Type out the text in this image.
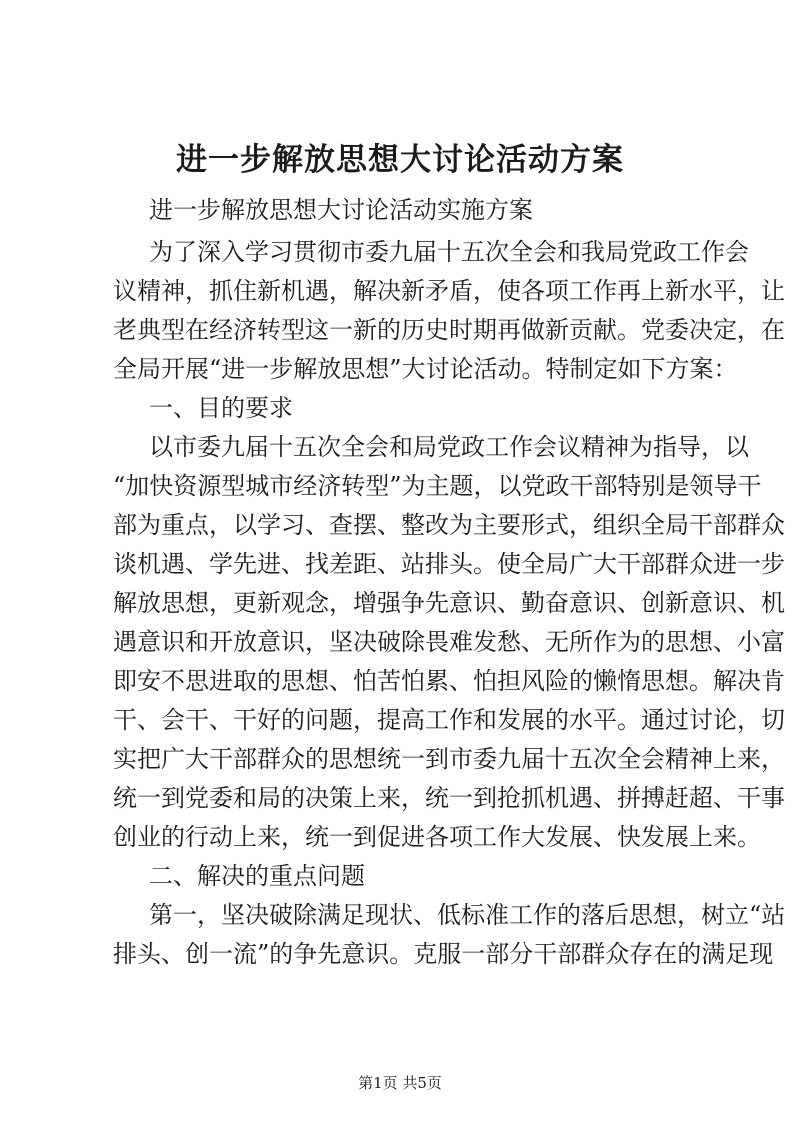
进一步解放思想大讨论活动方案

进一步解放思想大讨论活动实施方案

为了深入学习贯彻市委九届十五次全会和我局党政工作会

议精神，抓住新机遇，解决新矛盾，使各项工作再上新水平，让

老典型在经济转型这一新的历史时期再做新贡献。党委决定，在

全局开展“进一步解放思想”大讨论活动。特制定如下方案：

一、目的要求

以市委九届十五次全会和局党政工作会议精神为指导，以

“加快资源型城市经济转型”为主题，以党政干部特别是领导干

部为重点，以学习、查摆、整改为主要形式，组织全局干部群众

谈机遇、学先进、找差距、站排头。使全局广大干部群众进一步

解放思想，更新观念，增强争先意识、勤奋意识、创新意识、机

遇意识和开放意识，坚决破除畏难发愁、无所作为的思想、小富

即安不思进取的思想、怕苦怕累、怕担风险的懒惰思想。解决肯

干、会干、干好的问题，提高工作和发展的水平。通过讨论，切

实把广大干部群众的思想统一到市委九届十五次全会精神上来，

统一到党委和局的决策上来，统一到抢抓机遇、拼搏赶超、干事

创业的行动上来，统一到促进各项工作大发展、快发展上来。

二、解决的重点问题

第一，坚决破除满足现状、低标准工作的落后思想，树立“站

排头、创一流”的争先意识。克服一部分干部群众存在的满足现

第1页 共5页
